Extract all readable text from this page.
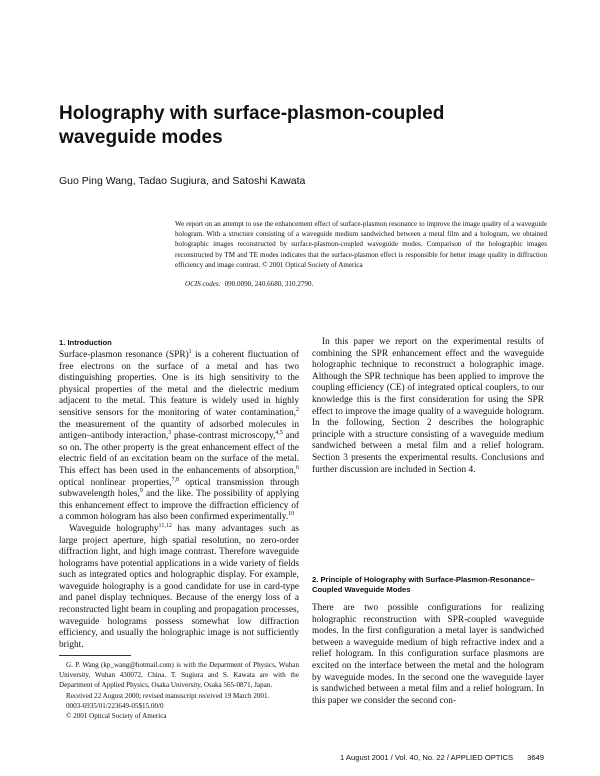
Holography with surface-plasmon-coupled waveguide modes

Guo Ping Wang, Tadao Sugiura, and Satoshi Kawata

We report on an attempt to use the enhancement effect of surface-plasmon resonance to improve the image quality of a waveguide hologram. With a structure consisting of a waveguide medium sandwiched between a metal film and a hologram, we obtained holographic images reconstructed by surface-plasmon-coupled waveguide modes. Comparison of the holographic images reconstructed by TM and TE modes indicates that the surface-plasmon effect is responsible for better image quality in diffraction efficiency and image contrast. © 2001 Optical Society of America

OCIS codes: 090.0090, 240.6680, 310.2790.

1. Introduction

Surface-plasmon resonance (SPR)$^1$ is a coherent fluctuation of free electrons on the surface of a metal and has two distinguishing properties. One is its high sensitivity to the physical properties of the metal and the dielectric medium adjacent to the metal. This feature is widely used in highly sensitive sensors for the monitoring of water contamination,$^2$ the measurement of the quantity of adsorbed molecules in antigen–antibody interaction,$^3$ phase-contrast microscopy,$^{4,5}$ and so on. The other property is the great enhancement effect of the electric field of an excitation beam on the surface of the metal. This effect has been used in the enhancements of absorption,$^6$ optical nonlinear properties,$^{7,8}$ optical transmission through subwavelength holes,$^9$ and the like. The possibility of applying this enhancement effect to improve the diffraction efficiency of a common hologram has also been confirmed experimentally.$^{10}$

Waveguide holography$^{11,12}$ has many advantages such as large project aperture, high spatial resolution, no zero-order diffraction light, and high image contrast. Therefore waveguide holograms have potential applications in a wide variety of fields such as integrated optics and holographic display. For example, waveguide holography is a good candidate for use in card-type and panel display techniques. Because of the energy loss of a reconstructed light beam in coupling and propagation processes, waveguide holograms possess somewhat low diffraction efficiency, and usually the holographic image is not sufficiently bright.

In this paper we report on the experimental results of combining the SPR enhancement effect and the waveguide holographic technique to reconstruct a holographic image. Although the SPR technique has been applied to improve the coupling efficiency (CE) of integrated optical couplers, to our knowledge this is the first consideration for using the SPR effect to improve the image quality of a waveguide hologram. In the following, Section 2 describes the holographic principle with a structure consisting of a waveguide medium sandwiched between a metal film and a relief hologram. Section 3 presents the experimental results. Conclusions and further discussion are included in Section 4.

2. Principle of Holography with Surface-Plasmon-Resonance–Coupled Waveguide Modes

There are two possible configurations for realizing holographic reconstruction with SPR-coupled waveguide modes. In the first configuration a metal layer is sandwiched between a waveguide medium of high refractive index and a relief hologram. In this configuration surface plasmons are excited on the interface between the metal and the hologram by waveguide modes. In the second one the waveguide layer is sandwiched between a metal film and a relief hologram. In this paper we consider the second con-

G. P. Wang (kp_wang@hotmail.com) is with the Department of Physics, Wuhan University, Wuhan 430072, China. T. Sugiura and S. Kawata are with the Department of Applied Physics, Osaka University, Osaka 565-0871, Japan.

Received 22 August 2000; revised manuscript received 19 March 2001.

0003-6935/01/223649-05$15.00/0

© 2001 Optical Society of America

1 August 2001 / Vol. 40, No. 22 / APPLIED OPTICS 3649
